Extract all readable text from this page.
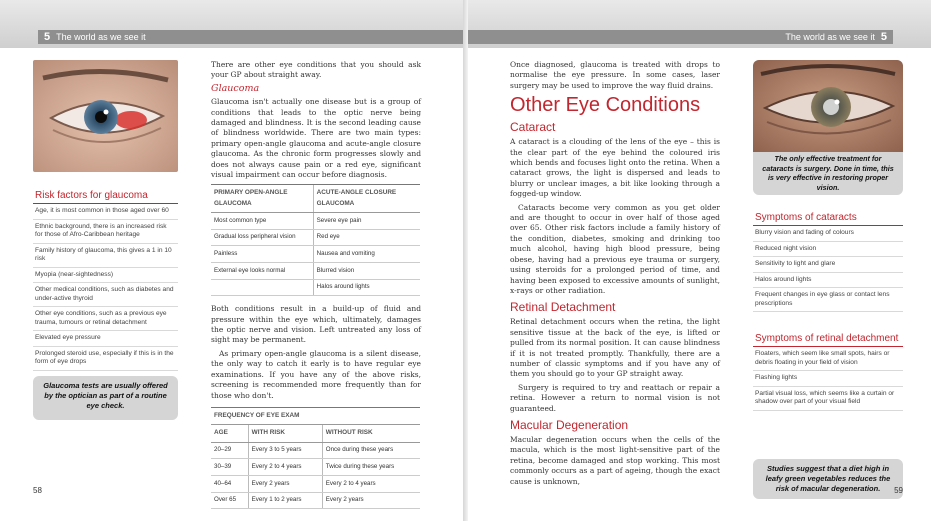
5 The world as we see it
Risk factors for glaucoma
Age, it is most common in those aged over 60
Ethnic background, there is an increased risk for those of Afro-Caribbean heritage
Family history of glaucoma, this gives a 1 in 10 risk
Myopia (near-sightedness)
Other medical conditions, such as diabetes and under-active thyroid
Other eye conditions, such as a previous eye trauma, tumours or retinal detachment
Elevated eye pressure
Prolonged steroid use, especially if this is in the form of eye drops
Glaucoma tests are usually offered by the optician as part of a routine eye check.

There are other eye conditions that you should ask your GP about straight away.

Glaucoma

Glaucoma isn't actually one disease but is a group of conditions that leads to the optic nerve being damaged and blindness. It is the second leading cause of blindness worldwide. There are two main types: primary open-angle glaucoma and acute-angle closure glaucoma. As the chronic form progresses slowly and does not always cause pain or a red eye, significant visual impairment can occur before diagnosis.

PRIMARY OPEN-ANGLE GLAUCOMA	ACUTE-ANGLE CLOSURE GLAUCOMA
Most common type	Severe eye pain
Gradual loss peripheral vision	Red eye
Painless	Nausea and vomiting
External eye looks normal	Blurred vision
	Halos around lights

Both conditions result in a build-up of fluid and pressure within the eye which, ultimately, damages the optic nerve and vision. Left untreated any loss of sight may be permanent.

As primary open-angle glaucoma is a silent disease, the only way to catch it early is to have regular eye examinations. If you have any of the above risks, screening is recommended more frequently than for those who don't.

FREQUENCY OF EYE EXAM		
AGE	WITH RISK	WITHOUT RISK
20–29	Every 3 to 5 years	Once during these years
30–39	Every 2 to 4 years	Twice during these years
40–64	Every 2 years	Every 2 to 4 years
Over 65	Every 1 to 2 years	Every 2 years
58
The world as we see it 5

Once diagnosed, glaucoma is treated with drops to normalise the eye pressure. In some cases, laser surgery may be used to improve the way fluid drains.

Other Eye Conditions
Cataract

A cataract is a clouding of the lens of the eye – this is the clear part of the eye behind the coloured iris which bends and focuses light onto the retina. When a cataract grows, the light is dispersed and leads to blurry or unclear images, a bit like looking through a fogged-up window.

Cataracts become very common as you get older and are thought to occur in over half of those aged over 65. Other risk factors include a family history of the condition, diabetes, smoking and drinking too much alcohol, having high blood pressure, being obese, having had a previous eye trauma or surgery, using steroids for a prolonged period of time, and having been exposed to excessive amounts of sunlight, x-rays or other radiation.

Retinal Detachment

Retinal detachment occurs when the retina, the light sensitive tissue at the back of the eye, is lifted or pulled from its normal position. It can cause blindness if it is not treated promptly. Thankfully, there are a number of classic symptoms and if you have any of them you should go to your GP straight away.

Surgery is required to try and reattach or repair a retina. However a return to normal vision is not guaranteed.

Macular Degeneration

Macular degeneration occurs when the cells of the macula, which is the most light-sensitive part of the retina, become damaged and stop working. This most commonly occurs as a part of ageing, though the exact cause is unknown,

The only effective treatment for cataracts is surgery. Done in time, this is very effective in restoring proper vision.
Symptoms of cataracts
Blurry vision and fading of colours
Reduced night vision
Sensitivity to light and glare
Halos around lights
Frequent changes in eye glass or contact lens prescriptions
Symptoms of retinal detachment
Floaters, which seem like small spots, hairs or debris floating in your field of vision
Flashing lights
Partial visual loss, which seems like a curtain or shadow over part of your visual field
Studies suggest that a diet high in leafy green vegetables reduces the risk of macular degeneration.	59
